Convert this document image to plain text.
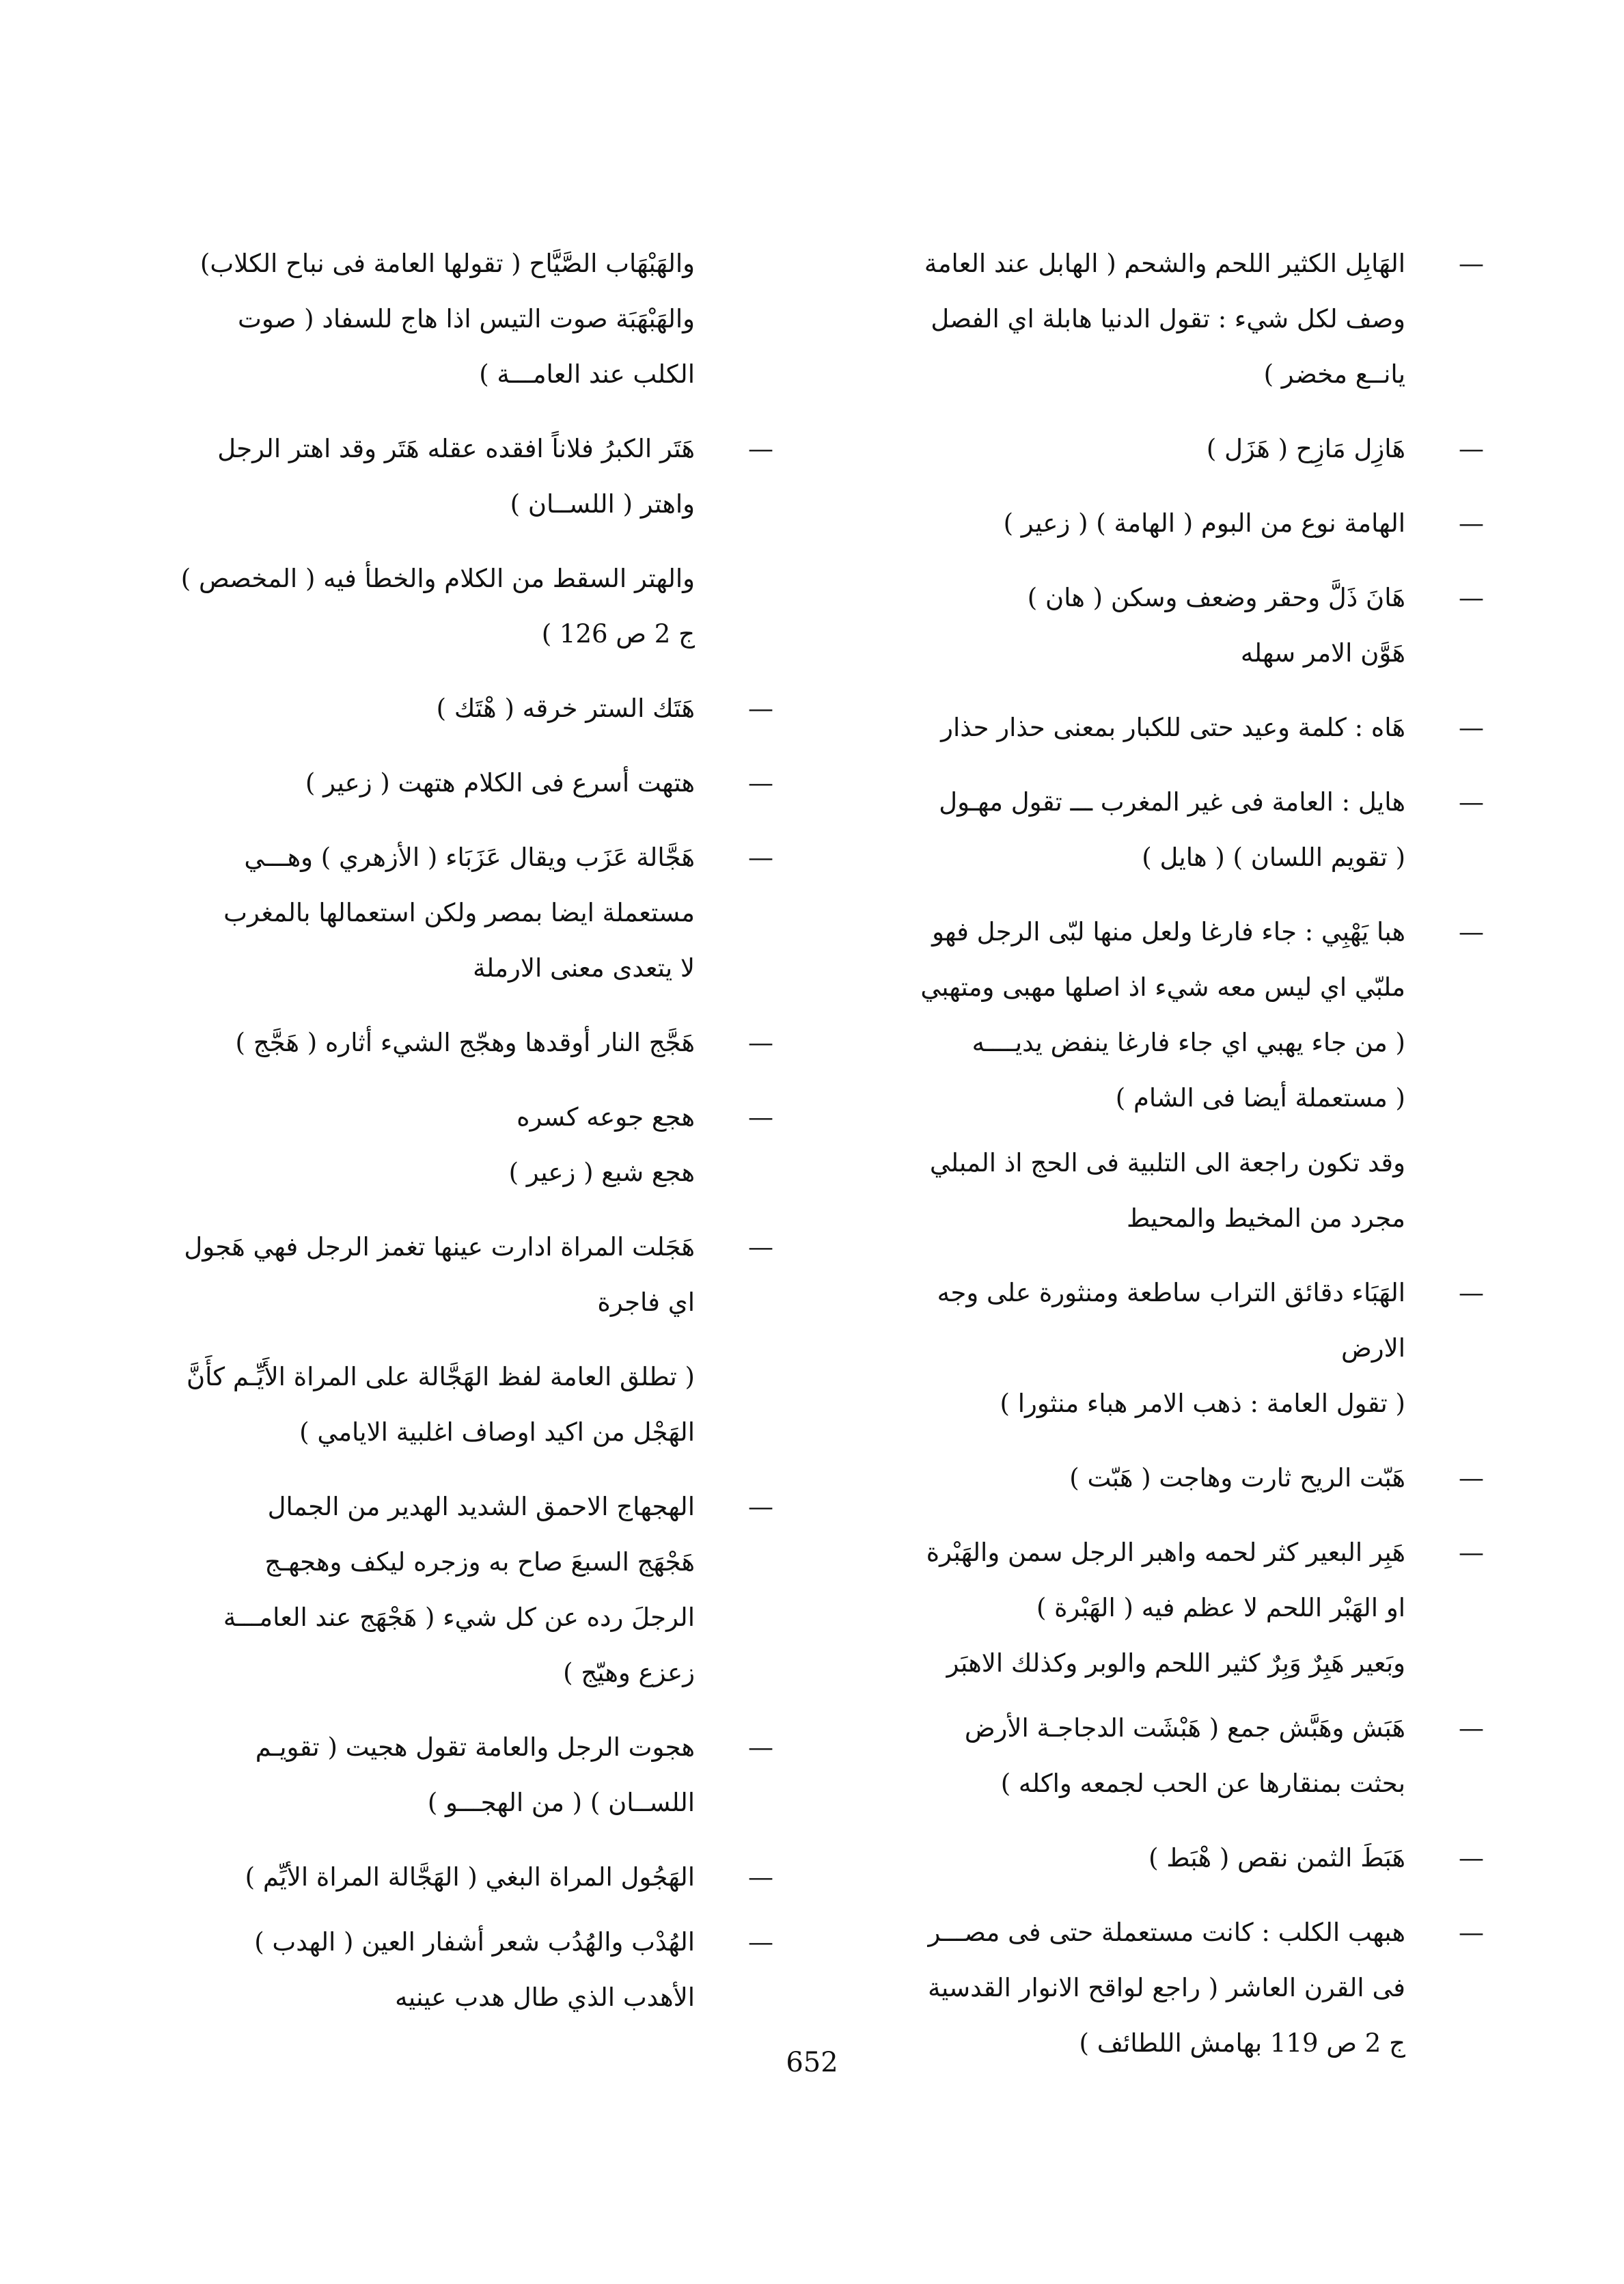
— الهَابِل الكثير اللحم والشحم ( الهابل عند العامة
وصف لكل شيء : تقول الدنيا هابلة اي الفصل
يانــع مخضر )
— هَازِل مَازِح ( هَزَل )
— الهامة نوع من البوم ( الهامة ) ( زعير )
— هَانَ ذَلَّ وحقر وضعف وسكن ( هان )
هَوَّن الامر سهله
— هَاه : كلمة وعيد حتى للكبار بمعنى حذار حذار
— هايل : العامة فى غير المغرب ـــ تقول مهـول
( تقويم اللسان ) ( هايل )
— هبا يَهْبِي : جاء فارغا ولعل منها لبّى الرجل فهو
ملبّي اي ليس معه شيء اذ اصلها مهبى ومتهبي
( من جاء يهبي اي جاء فارغا ينفض يديــــه
( مستعملة أيضا فى الشام )
وقد تكون راجعة الى التلبية فى الحج اذ المبلي
مجرد من المخيط والمحيط
— الهَبَاء دقائق التراب ساطعة ومنثورة على وجه
الارض
( تقول العامة : ذهب الامر هباء منثورا )
— هَبّت الريح ثارت وهاجت ( هَبّت )
— هَبِر البعير كثر لحمه واهبر الرجل سمن والهَبْرة
او الهَبْر اللحم لا عظم فيه ( الهَبْرة )
وبَعير هَبِرٌ وَبِرٌ كثير اللحم والوبر وكذلك الاهبَر
— هَبَش وهَبَّش جمع ( هَبْشَت الدجاجـة الأرض
بحثت بمنقارها عن الحب لجمعه واكله )
— هَبَطَ الثمن نقص ( هْبَط )
— هبهب الكلب : كانت مستعملة حتى فى مصـــر
فى القرن العاشر ( راجع لواقح الانوار القدسية
ج 2 ص 119 بهامش اللطائف )
والهَبْهَاب الصَّيَّاح ( تقولها العامة فى نباح الكلاب)
والهَبْهَبَة صوت التيس اذا هاج للسفاد ( صوت
الكلب عند العامـــة )
— هَتَر الكبرُ فلاناً افقده عقله هَتَر وقد اهتر الرجل
واهتر ( اللســان )
والهتر السقط من الكلام والخطأ فيه ( المخصص )
ج 2 ص 126 )
— هَتَك الستر خرقه ( هْتَك )
— هتهت أسرع فى الكلام هتهت ( زعير )
— هَجَّالة عَزَب ويقال عَزَبَاء ( الأزهري ) وهـــي
مستعملة ايضا بمصر ولكن استعمالها بالمغرب
لا يتعدى معنى الارملة
— هَجَّج النار أوقدها وهجّج الشيء أثاره ( هَجَّج )
— هجع جوعه كسره
هجع شبع ( زعير )
— هَجَلت المراة ادارت عينها تغمز الرجل فهي هَجول
اي فاجرة
( تطلق العامة لفظ الهَجَّالة على المراة الأَيِّـم كأَنَّ
الهَجْل من اكيد اوصاف اغلبية الايامي )
— الهجهاج الاحمق الشديد الهدير من الجمال
هَجْهَج السبعَ صاح به وزجره ليكف وهجهـج
الرجلَ رده عن كل شيء ( هَجْهَج عند العامـــة
زعزع وهيّج )
— هجوت الرجل والعامة تقول هجيت ( تقويـم
اللســان ) ( من الهجـــو )
— الهَجُول المراة البغي ( الهَجَّالة المراة الأيِّم )
— الهُدْب والهُدُب شعر أشفار العين ( الهدب )
الأهدب الذي طال هدب عينيه
652
